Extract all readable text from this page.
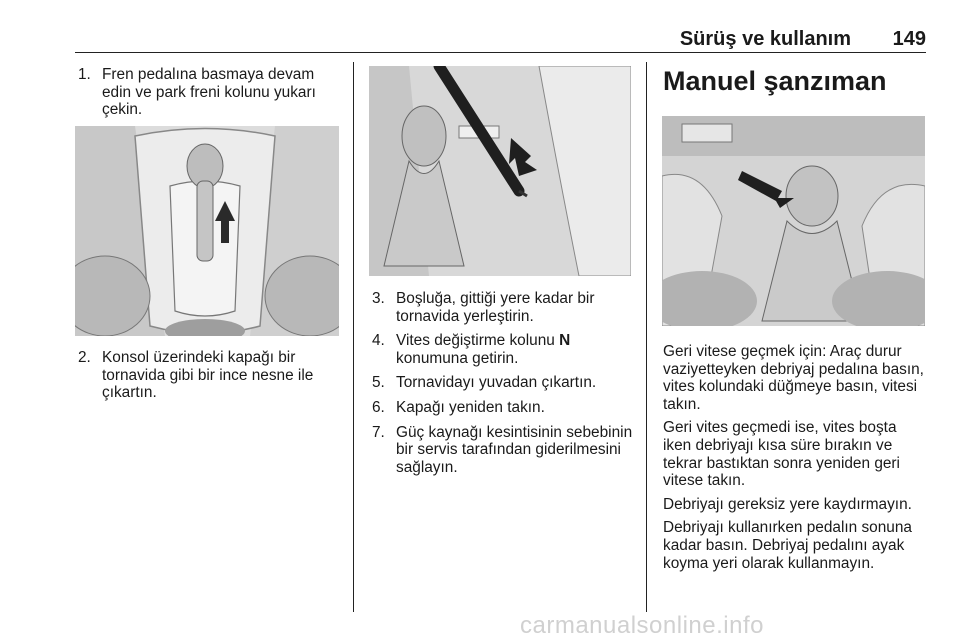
Sürüş ve kullanım 149
1. Fren pedalına basmaya devam edin ve park freni kolunu yukarı çekin.
2. Konsol üzerindeki kapağı bir tornavida gibi bir ince nesne ile çıkartın.
3. Boşluğa, gittiği yere kadar bir tornavida yerleştirin.
4. Vites değiştirme kolunu N
konumuna getirin.
5. Tornavidayı yuvadan çıkartın.
6. Kapağı yeniden takın.
7. Güç kaynağı kesintisinin sebebinin bir servis tarafından giderilmesini sağlayın.
Manuel şanzıman

Geri vitese geçmek için: Araç durur vaziyetteyken debriyaj pedalına basın, vites kolundaki düğmeye basın, vitesi takın.

Geri vites geçmedi ise, vites boşta iken debriyajı kısa süre bırakın ve tekrar bastıktan sonra yeniden geri vitese takın.

Debriyajı gereksiz yere kaydırmayın.

Debriyajı kullanırken pedalın sonuna kadar basın. Debriyaj pedalını ayak koyma yeri olarak kullanmayın.

carmanualsonline.info
